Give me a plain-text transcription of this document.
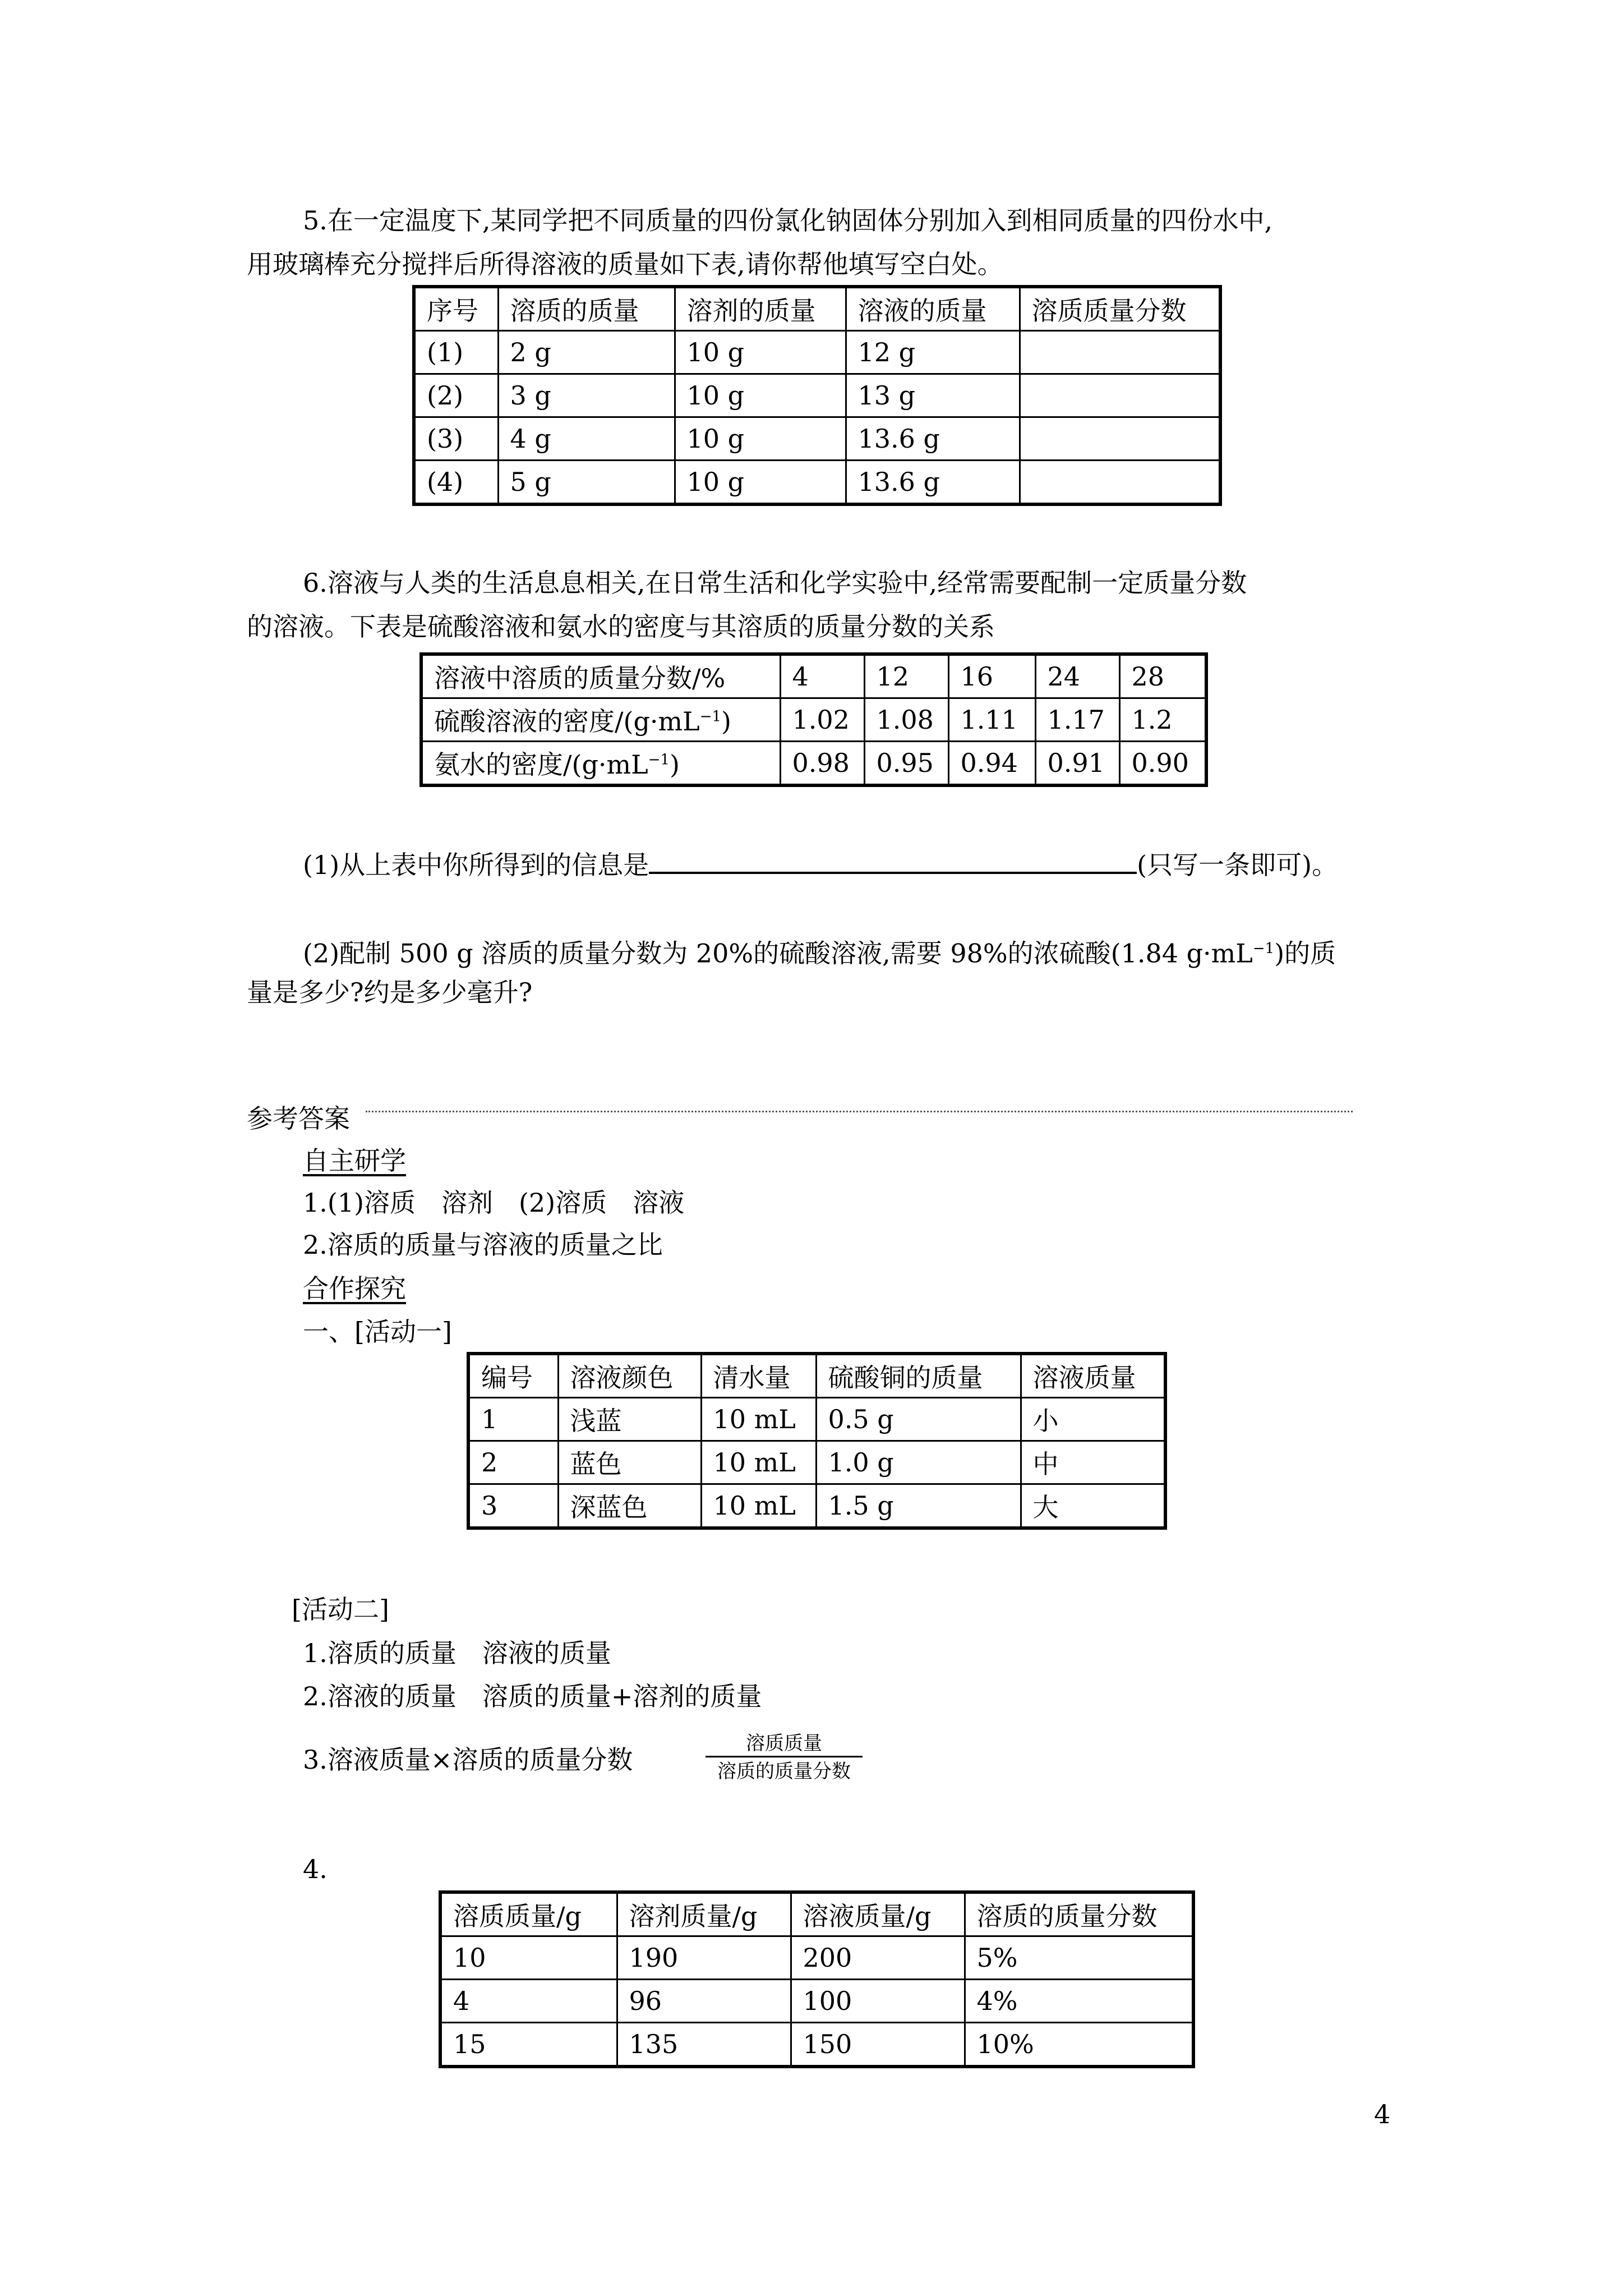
5.在一定温度下,某同学把不同质量的四份氯化钠固体分别加入到相同质量的四份水中,
用玻璃棒充分搅拌后所得溶液的质量如下表,请你帮他填写空白处。
序号	溶质的质量	溶剂的质量	溶液的质量	溶质质量分数
(1)	2 g	10 g	12 g	
(2)	3 g	10 g	13 g	
(3)	4 g	10 g	13.6 g	
(4)	5 g	10 g	13.6 g	
6.溶液与人类的生活息息相关,在日常生活和化学实验中,经常需要配制一定质量分数
的溶液。下表是硫酸溶液和氨水的密度与其溶质的质量分数的关系
溶液中溶质的质量分数/%	4	12	16	24	28
硫酸溶液的密度$/(g\cdot mL^{-1})$	1.02	1.08	1.11	1.17	1.2
氨水的密度$/(g\cdot mL^{-1})$	0.98	0.95	0.94	0.91	0.90
(1)从上表中你所得到的信息是	(只写一条即可)。
(2)配制 500 g 溶质的质量分数为 20%的硫酸溶液,需要 98%的浓硫酸(1.84 $g\cdot mL^{-1}$)的质
量是多少?约是多少毫升?
参考答案
自主研学
1.(1)溶质　溶剂　(2)溶质　溶液
2.溶质的质量与溶液的质量之比
合作探究
一、[活动一]
编号	溶液颜色	清水量	硫酸铜的质量	溶液质量
1	浅蓝	10 mL	0.5 g	小
2	蓝色	10 mL	1.0 g	中
3	深蓝色	10 mL	1.5 g	大
[活动二]
1.溶质的质量　溶液的质量
2.溶液的质量　溶质的质量+溶剂的质量
3.溶液质量×溶质的质量分数
溶质质量
溶质的质量分数
4.
溶质质量/g	溶剂质量/g	溶液质量/g	溶质的质量分数
10	190	200	5%
4	96	100	4%
15	135	150	10%
4
